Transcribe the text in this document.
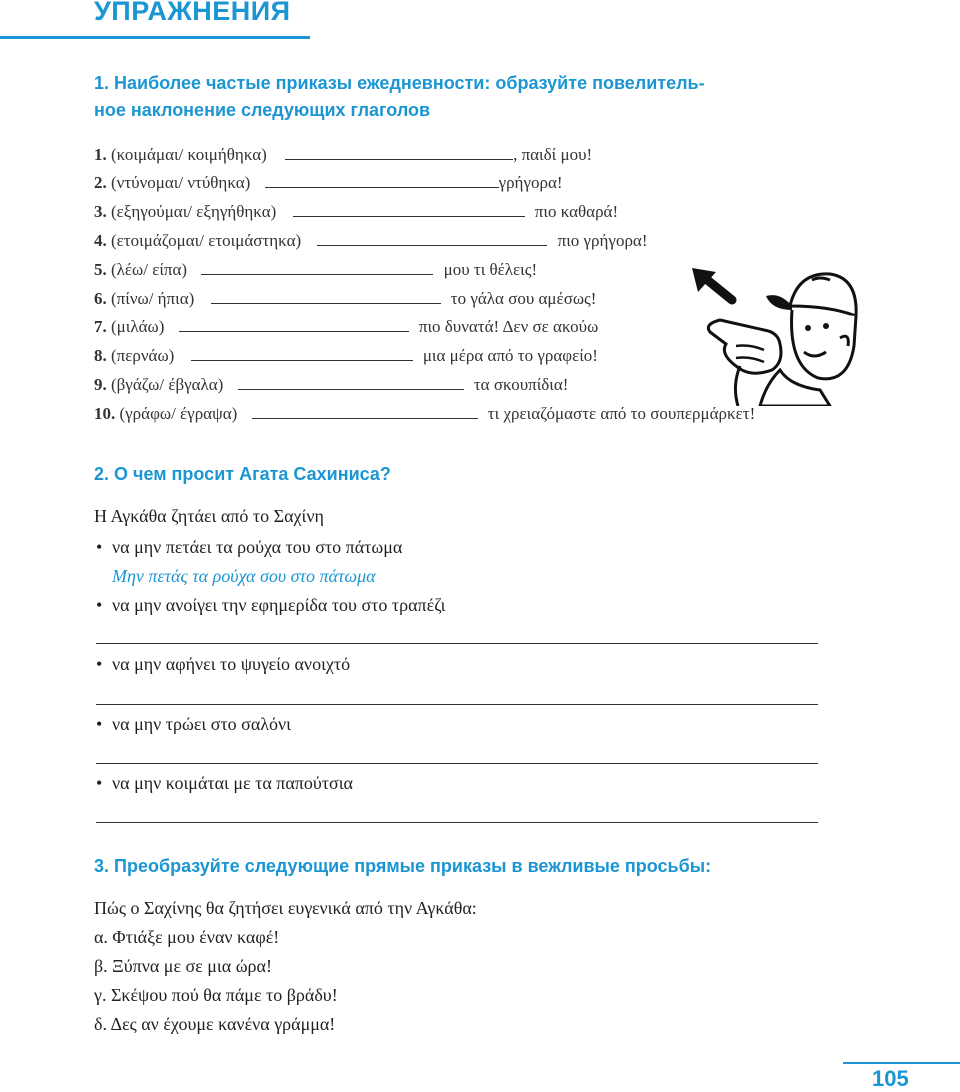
УПРАЖНЕНИЯ
1. Наиболее частые приказы ежедневности: образуйте повелитель-
ное наклонение следующих глаголов
1. (κοιμάμαι/ κοιμήθηκα)	, παιδί μου!
2. (ντύνομαι/ ντύθηκα)	γρήγορα!
3. (εξηγούμαι/ εξηγήθηκα)	πιο καθαρά!
4. (ετοιμάζομαι/ ετοιμάστηκα)	πιο γρήγορα!
5. (λέω/ είπα)	μου τι θέλεις!
6. (πίνω/ ήπια)	το γάλα σου αμέσως!
7. (μιλάω)	πιο δυνατά! Δεν σε ακούω
8. (περνάω)	μια μέρα από το γραφείο!
9. (βγάζω/ έβγαλα)	τα σκουπίδια!
10. (γράφω/ έγραψα)	τι χρειαζόμαστε από το σουπερμάρκετ!
2. О чем просит Агата Сахиниса?
Η Αγκάθα ζητάει από το Σαχίνη
• να μην πετάει τα ρούχα του στο πάτωμα
Μην πετάς τα ρούχα σου στο πάτωμα
• να μην ανοίγει την εφημερίδα του στο τραπέζι
• να μην αφήνει το ψυγείο ανοιχτό
• να μην τρώει στο σαλόνι
• να μην κοιμάται με τα παπούτσια
3. Преобразуйте следующие прямые приказы в вежливые просьбы:
Πώς ο Σαχίνης θα ζητήσει ευγενικά από την Αγκάθα:
α. Φτιάξε μου έναν καφέ!
β. Ξύπνα με σε μια ώρα!
γ. Σκέψου πού θα πάμε το βράδυ!
δ. Δες αν έχουμε κανένα γράμμα!
105
